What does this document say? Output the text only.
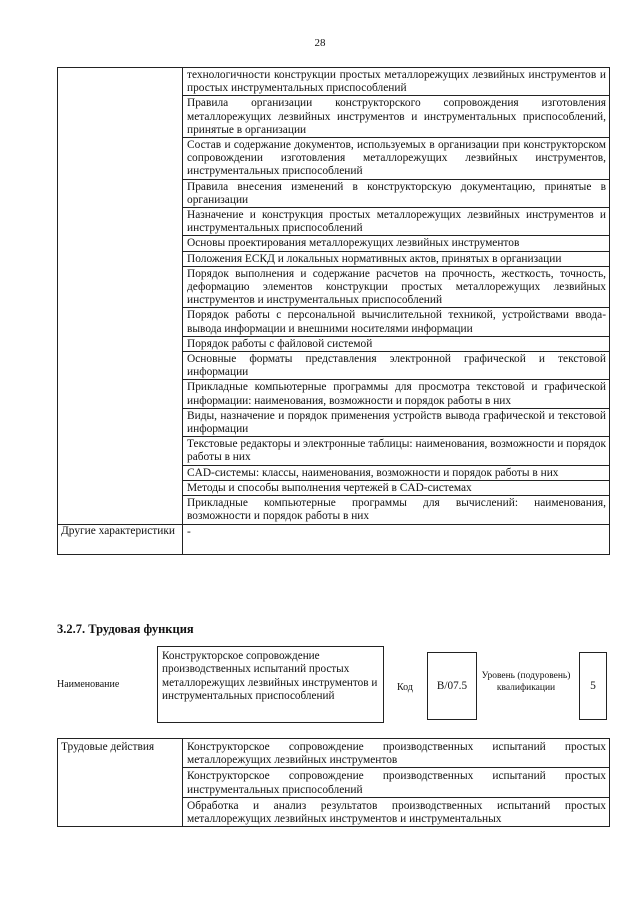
28
	технологичности конструкции простых металлорежущих лезвийных инструментов и простых инструментальных приспособлений
	Правила организации конструкторского сопровождения изготовления металлорежущих лезвийных инструментов и инструментальных приспособлений, принятые в организации
	Состав и содержание документов, используемых в организации при конструкторском сопровождении изготовления металлорежущих лезвийных инструментов, инструментальных приспособлений
	Правила внесения изменений в конструкторскую документацию, принятые в организации
	Назначение и конструкция простых металлорежущих лезвийных инструментов и инструментальных приспособлений
	Основы проектирования металлорежущих лезвийных инструментов
	Положения ЕСКД и локальных нормативных актов, принятых в организации
	Порядок выполнения и содержание расчетов на прочность, жесткость, точность, деформацию элементов конструкции простых металлорежущих лезвийных инструментов и инструментальных приспособлений
	Порядок работы с персональной вычислительной техникой, устройствами ввода-вывода информации и внешними носителями информации
	Порядок работы с файловой системой
	Основные форматы представления электронной графической и текстовой информации
	Прикладные компьютерные программы для просмотра текстовой и графической информации: наименования, возможности и порядок работы в них
	Виды, назначение и порядок применения устройств вывода графической и текстовой информации
	Текстовые редакторы и электронные таблицы: наименования, возможности и порядок работы в них
	CAD-системы: классы, наименования, возможности и порядок работы в них
	Методы и способы выполнения чертежей в CAD-системах
	Прикладные компьютерные программы для вычислений: наименования, возможности и порядок работы в них
Другие характеристики	-
3.2.7. Трудовая функция
Наименование
Конструкторское сопровождение производственных испытаний простых металлорежущих лезвийных инструментов и инструментальных приспособлений
Код	B/07.5
Уровень (подуровень) квалификации	5
Трудовые действия	Конструкторское сопровождение производственных испытаний простых металлорежущих лезвийных инструментов
Конструкторское сопровождение производственных испытаний простых инструментальных приспособлений
Обработка и анализ результатов производственных испытаний простых металлорежущих лезвийных инструментов и инструментальных
